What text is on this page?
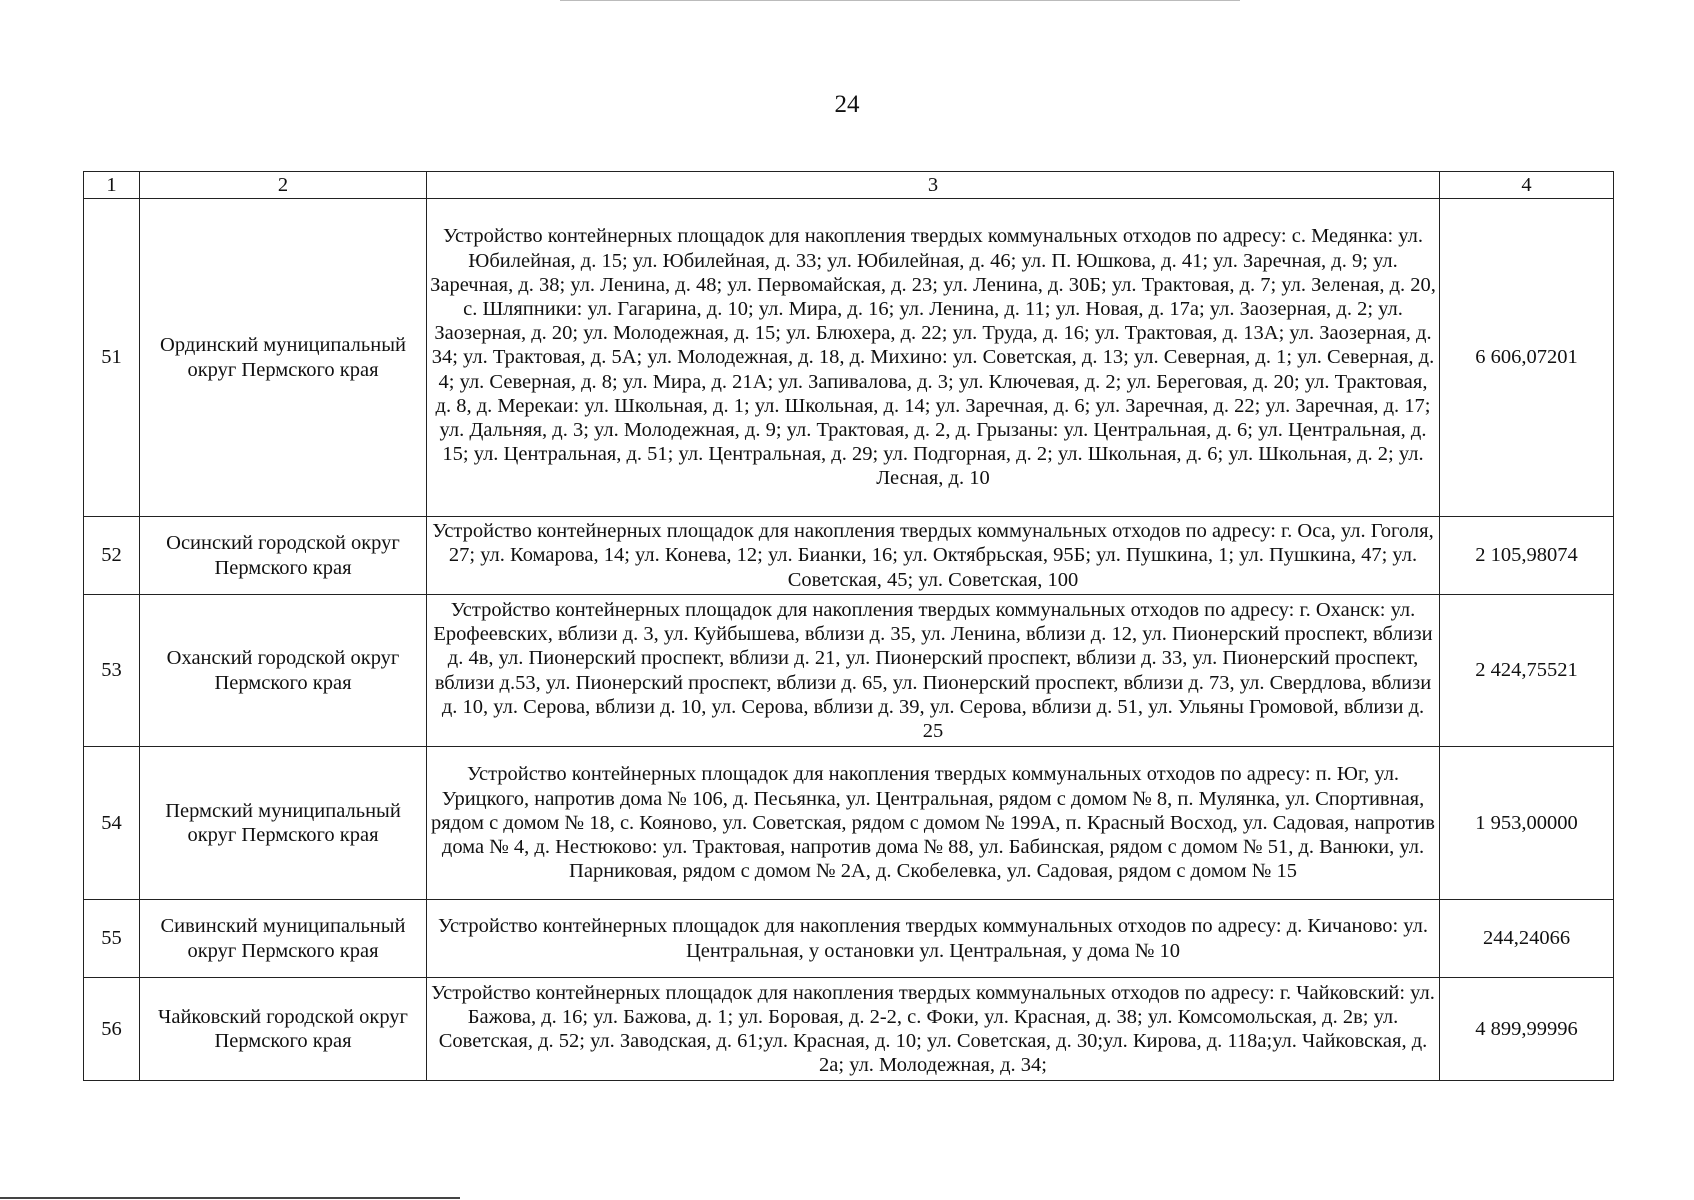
24
1	2	3	4
51	Ординский муниципальный округ Пермского края	Устройство контейнерных площадок для накопления твердых коммунальных отходов по адресу: с. Медянка: ул. Юбилейная, д. 15; ул. Юбилейная, д. 33; ул. Юбилейная, д. 46; ул. П. Юшкова, д. 41; ул. Заречная, д. 9; ул. Заречная, д. 38; ул. Ленина, д. 48; ул. Первомайская, д. 23; ул. Ленина, д. 30Б; ул. Трактовая, д. 7; ул. Зеленая, д. 20, с. Шляпники: ул. Гагарина, д. 10; ул. Мира, д. 16; ул. Ленина, д. 11; ул. Новая, д. 17а; ул. Заозерная, д. 2; ул. Заозерная, д. 20; ул. Молодежная, д. 15; ул. Блюхера, д. 22; ул. Труда, д. 16; ул. Трактовая, д. 13А; ул. Заозерная, д. 34; ул. Трактовая, д. 5А; ул. Молодежная, д. 18, д. Михино: ул. Советская, д. 13; ул. Северная, д. 1; ул. Северная, д. 4; ул. Северная, д. 8; ул. Мира, д. 21А; ул. Запивалова, д. 3; ул. Ключевая, д. 2; ул. Береговая, д. 20; ул. Трактовая, д. 8, д. Мерекаи: ул. Школьная, д. 1; ул. Школьная, д. 14; ул. Заречная, д. 6; ул. Заречная, д. 22; ул. Заречная, д. 17; ул. Дальняя, д. 3; ул. Молодежная, д. 9; ул. Трактовая, д. 2, д. Грызаны: ул. Центральная, д. 6; ул. Центральная, д. 15; ул. Центральная, д. 51; ул. Центральная, д. 29; ул. Подгорная, д. 2; ул. Школьная, д. 6; ул. Школьная, д. 2; ул. Лесная, д. 10	6 606,07201
52	Осинский городской округ Пермского края	Устройство контейнерных площадок для накопления твердых коммунальных отходов по адресу: г. Оса, ул. Гоголя, 27; ул. Комарова, 14; ул. Конева, 12; ул. Бианки, 16; ул. Октябрьская, 95Б; ул. Пушкина, 1; ул. Пушкина, 47; ул. Советская, 45; ул. Советская, 100	2 105,98074
53	Оханский городской округ Пермского края	Устройство контейнерных площадок для накопления твердых коммунальных отходов по адресу: г. Оханск: ул. Ерофеевских, вблизи д. 3, ул. Куйбышева, вблизи д. 35, ул. Ленина, вблизи д. 12, ул. Пионерский проспект, вблизи д. 4в, ул. Пионерский проспект, вблизи д. 21, ул. Пионерский проспект, вблизи д. 33, ул. Пионерский проспект, вблизи д.53, ул. Пионерский проспект, вблизи д. 65, ул. Пионерский проспект, вблизи д. 73, ул. Свердлова, вблизи д. 10, ул. Серова, вблизи д. 10, ул. Серова, вблизи д. 39, ул. Серова, вблизи д. 51, ул. Ульяны Громовой, вблизи д. 25	2 424,75521
54	Пермский муниципальный округ Пермского края	Устройство контейнерных площадок для накопления твердых коммунальных отходов по адресу: п. Юг, ул. Урицкого, напротив дома № 106, д. Песьянка, ул. Центральная, рядом с домом № 8, п. Мулянка, ул. Спортивная, рядом с домом № 18, с. Кояново, ул. Советская, рядом с домом № 199А, п. Красный Восход, ул. Садовая, напротив дома № 4, д. Нестюково: ул. Трактовая, напротив дома № 88, ул. Бабинская, рядом с домом № 51, д. Ванюки, ул. Парниковая, рядом с домом № 2А, д. Скобелевка, ул. Садовая, рядом с домом № 15	1 953,00000
55	Сивинский муниципальный округ Пермского края	Устройство контейнерных площадок для накопления твердых коммунальных отходов по адресу: д. Кичаново: ул. Центральная, у остановки ул. Центральная, у дома № 10	244,24066
56	Чайковский городской округ Пермского края	Устройство контейнерных площадок для накопления твердых коммунальных отходов по адресу: г. Чайковский: ул. Бажова, д. 16; ул. Бажова, д. 1; ул. Боровая, д. 2-2, с. Фоки, ул. Красная, д. 38; ул. Комсомольская, д. 2в; ул. Советская, д. 52; ул. Заводская, д. 61;ул. Красная, д. 10; ул. Советская, д. 30;ул. Кирова, д. 118а;ул. Чайковская, д. 2а; ул. Молодежная, д. 34;	4 899,99996
